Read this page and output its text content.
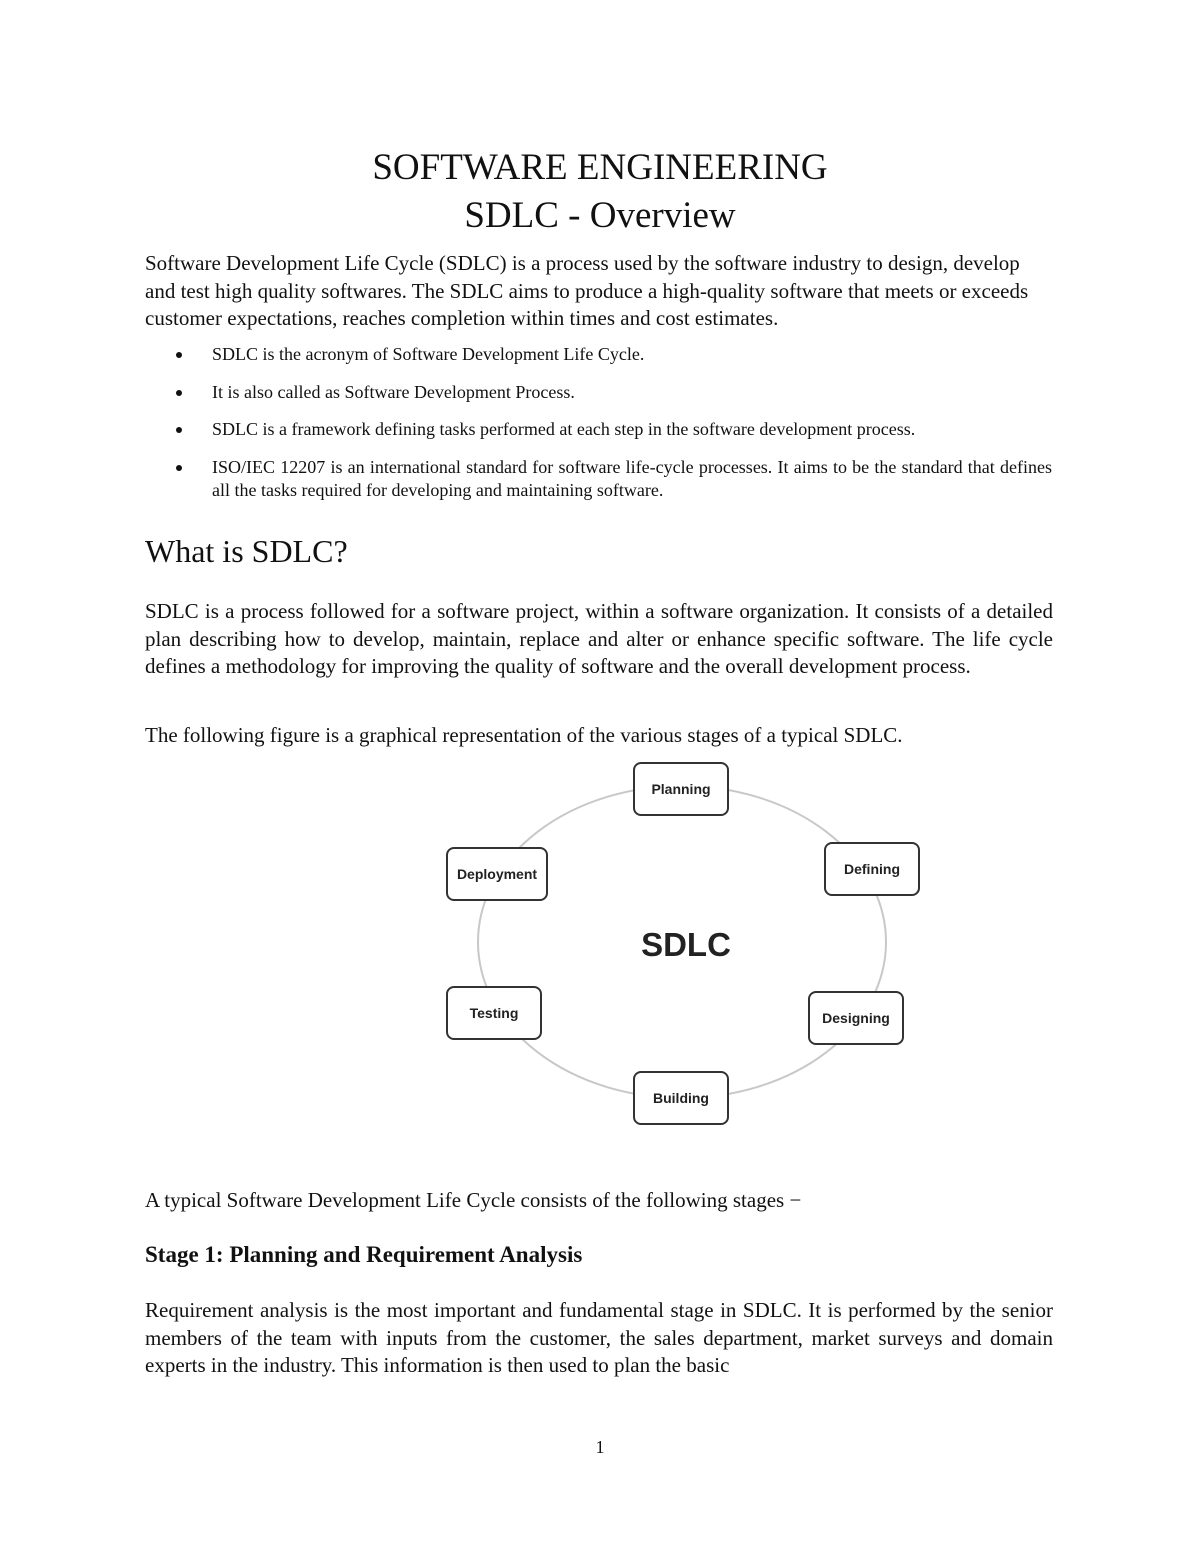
SOFTWARE ENGINEERING
SDLC - Overview

Software Development Life Cycle (SDLC) is a process used by the software industry to design, develop and test high quality softwares. The SDLC aims to produce a high-quality software that meets or exceeds customer expectations, reaches completion within times and cost estimates.

SDLC is the acronym of Software Development Life Cycle.
It is also called as Software Development Process.
SDLC is a framework defining tasks performed at each step in the software development process.
ISO/IEC 12207 is an international standard for software life-cycle processes. It aims to be the standard that defines all the tasks required for developing and maintaining software.
What is SDLC?

SDLC is a process followed for a software project, within a software organization. It consists of a detailed plan describing how to develop, maintain, replace and alter or enhance specific software. The life cycle defines a methodology for improving the quality of software and the overall development process.

The following figure is a graphical representation of the various stages of a typical SDLC.

SDLC
Planning
Defining
Designing
Building
Testing
Deployment

A typical Software Development Life Cycle consists of the following stages −

Stage 1: Planning and Requirement Analysis

Requirement analysis is the most important and fundamental stage in SDLC. It is performed by the senior members of the team with inputs from the customer, the sales department, market surveys and domain experts in the industry. This information is then used to plan the basic

1
